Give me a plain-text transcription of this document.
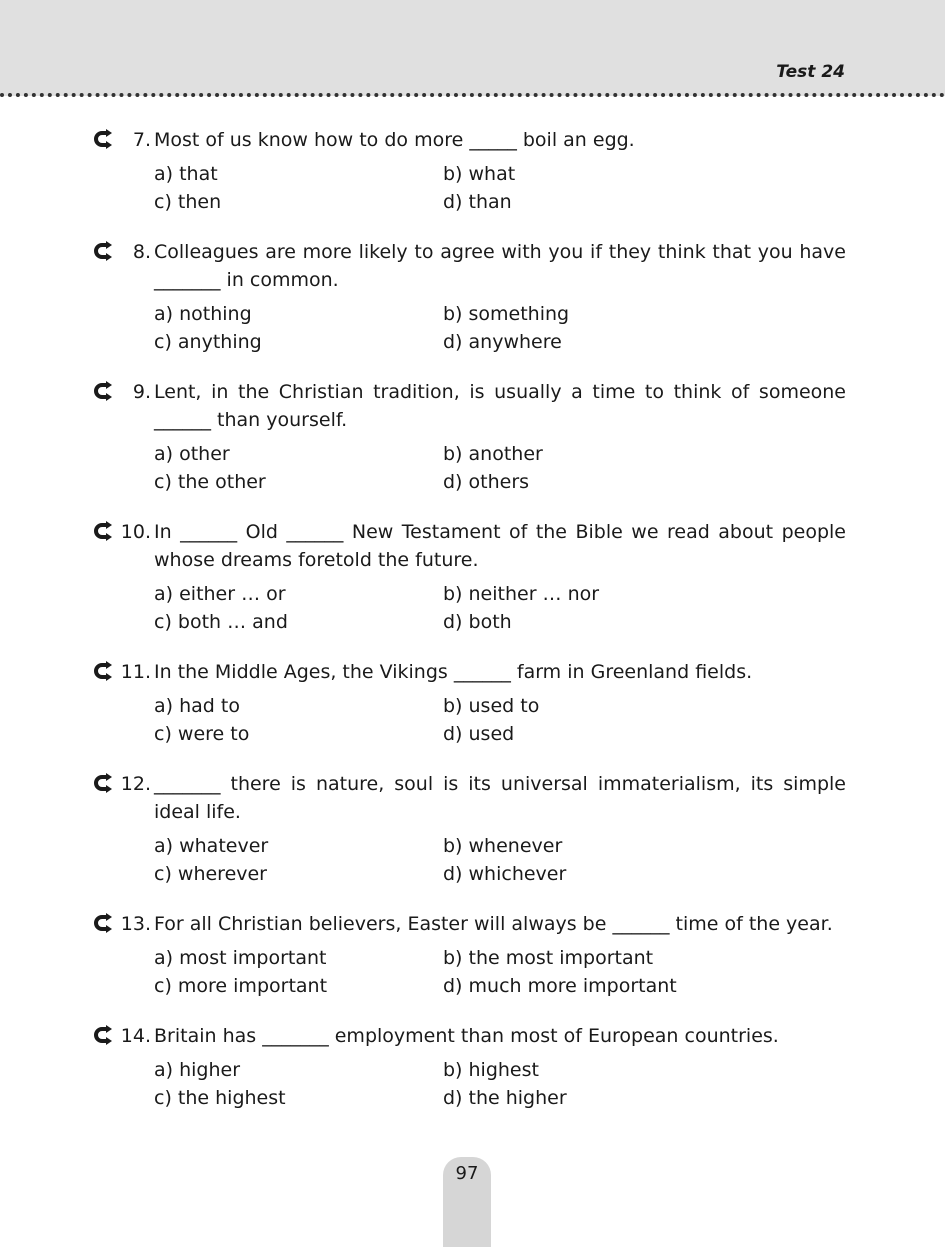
Test 24
7. Most of us know how to do more _____ boil an egg.
a) that	b) what
c) then	d) than
8. Colleagues are more likely to agree with you if they think that you have _______ in common.
a) nothing	b) something
c) anything	d) anywhere
9. Lent, in the Christian tradition, is usually a time to think of someone ______ than yourself.
a) other	b) another
c) the other	d) others
10. In ______ Old ______ New Testament of the Bible we read about people whose dreams foretold the future.
a) either … or	b) neither … nor
c) both … and	d) both
11. In the Middle Ages, the Vikings ______ farm in Greenland fields.
a) had to	b) used to
c) were to	d) used
12. _______ there is nature, soul is its universal immaterialism, its simple ideal life.
a) whatever	b) whenever
c) wherever	d) whichever
13. For all Christian believers, Easter will always be ______ time of the year.
a) most important	b) the most important
c) more important	d) much more important
14. Britain has _______ employment than most of European countries.
a) higher	b) highest
c) the highest	d) the higher
97
